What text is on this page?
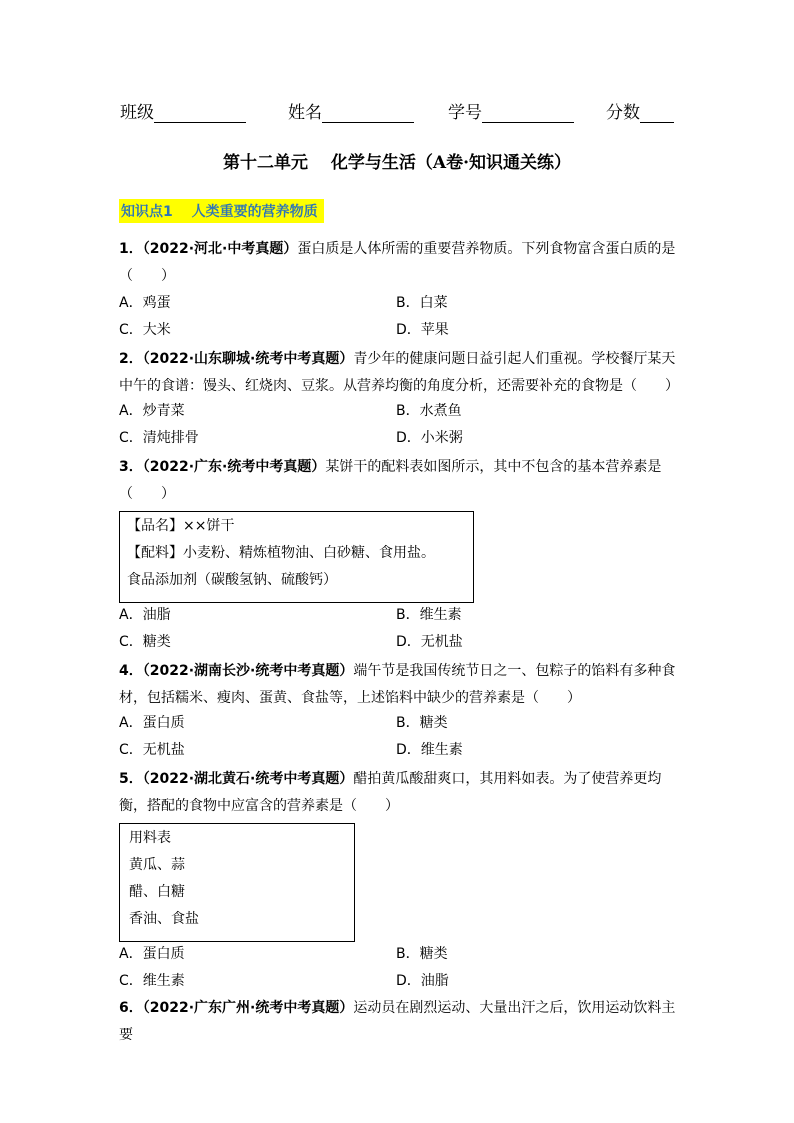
班级	姓名	学号	分数
第十二单元　 化学与生活（A卷·知识通关练）
知识点1　 人类重要的营养物质
1．（2022·河北·中考真题）蛋白质是人体所需的重要营养物质。下列食物富含蛋白质的是（　　）
A．鸡蛋	B．白菜
C．大米	D．苹果
2．（2022·山东聊城·统考中考真题）青少年的健康问题日益引起人们重视。学校餐厅某天中午的食谱：馒头、红烧肉、豆浆。从营养均衡的角度分析，还需要补充的食物是（　　）
A．炒青菜	B．水煮鱼
C．清炖排骨	D．小米粥
3．（2022·广东·统考中考真题）某饼干的配料表如图所示，其中不包含的基本营养素是（　　）
【品名】××饼干
【配料】小麦粉、精炼植物油、白砂糖、食用盐。
食品添加剂（碳酸氢钠、硫酸钙）
A．油脂	B．维生素
C．糖类	D．无机盐
4．（2022·湖南长沙·统考中考真题）端午节是我国传统节日之一、包粽子的馅料有多种食材，包括糯米、瘦肉、蛋黄、食盐等，上述馅料中缺少的营养素是（　　）
A．蛋白质	B．糖类
C．无机盐	D．维生素
5．（2022·湖北黄石·统考中考真题）醋拍黄瓜酸甜爽口，其用料如表。为了使营养更均衡，搭配的食物中应富含的营养素是（　　）
用料表
黄瓜、蒜
醋、白糖
香油、食盐
A．蛋白质	B．糖类
C．维生素	D．油脂
6．（2022·广东广州·统考中考真题）运动员在剧烈运动、大量出汗之后，饮用运动饮料主要
